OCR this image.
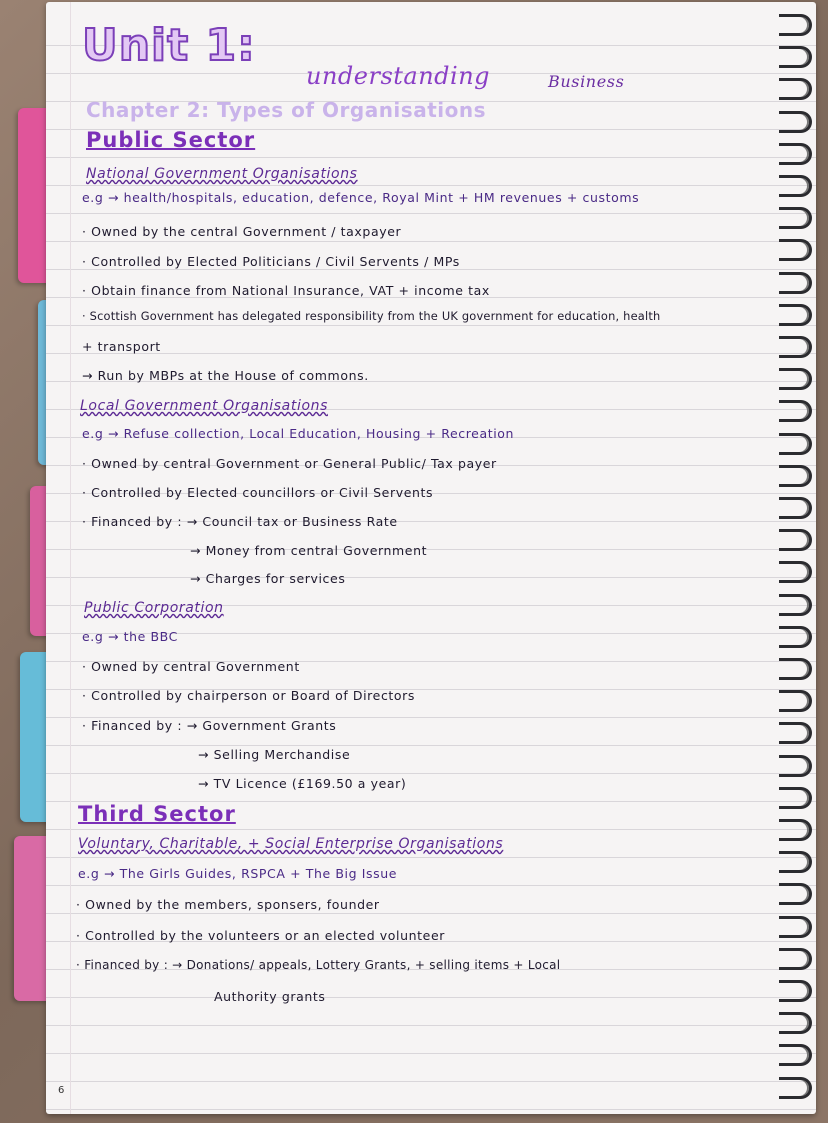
Unit 1:
understanding	Business
Chapter 2: Types of Organisations
Public Sector
National Government Organisations
e.g → health/hospitals, education, defence, Royal Mint + HM revenues + customs
· Owned by the central Government / taxpayer
· Controlled by Elected Politicians / Civil Servents / MPs
· Obtain finance from National Insurance, VAT + income tax
· Scottish Government has delegated responsibility from the UK government for education, health
+ transport
→ Run by MBPs at the House of commons.
Local Government Organisations
e.g → Refuse collection, Local Education, Housing + Recreation
· Owned by central Government or General Public/ Tax payer
· Controlled by Elected councillors or Civil Servents
· Financed by : → Council tax or Business Rate
→ Money from central Government
→ Charges for services
Public Corporation
e.g → the BBC
· Owned by central Government
· Controlled by chairperson or Board of Directors
· Financed by : → Government Grants
→ Selling Merchandise
→ TV Licence (£169.50 a year)
Third Sector
Voluntary, Charitable, + Social Enterprise Organisations
e.g → The Girls Guides, RSPCA + The Big Issue
· Owned by the members, sponsers, founder
· Controlled by the volunteers or an elected volunteer
· Financed by : → Donations/ appeals, Lottery Grants, + selling items + Local
Authority grants
6
